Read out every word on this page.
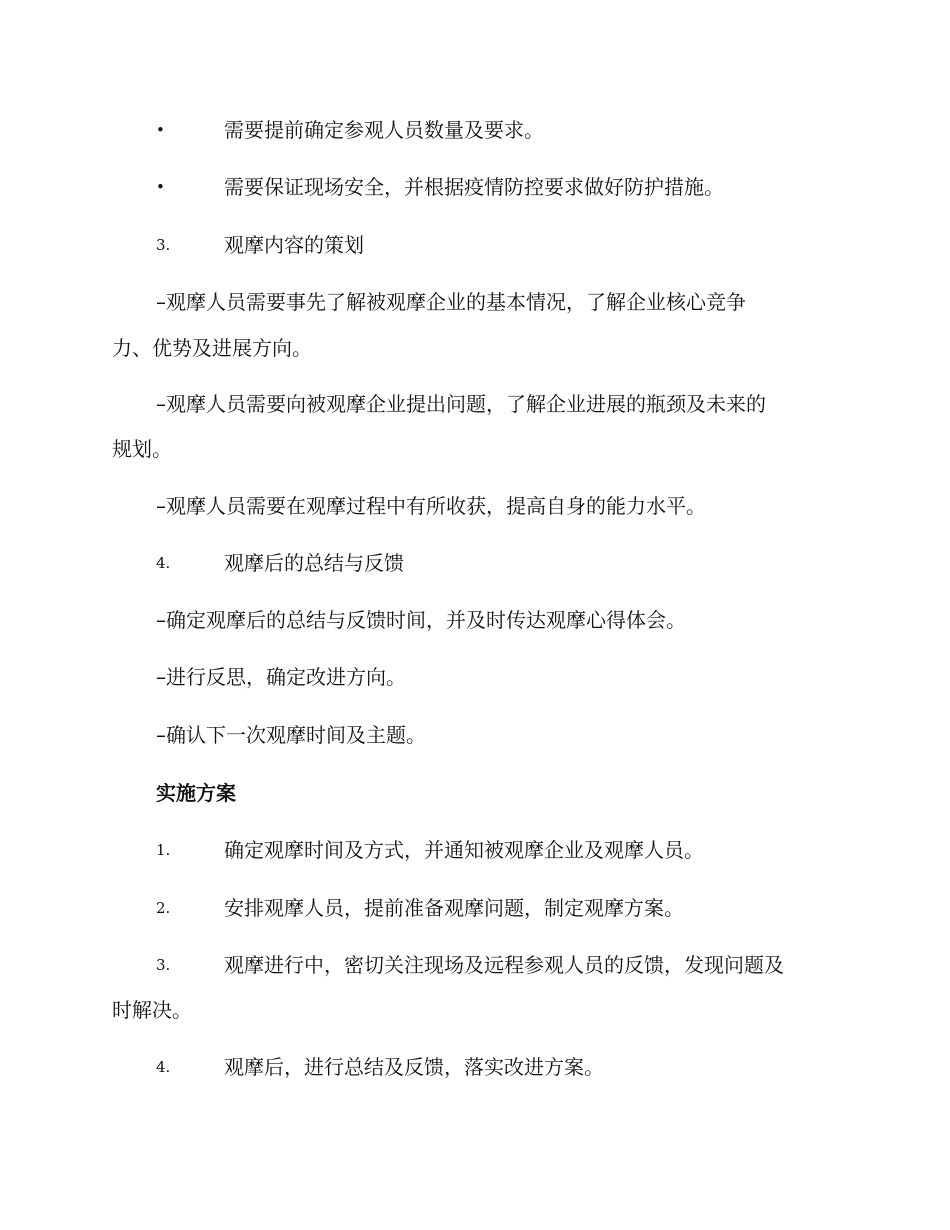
•	需要提前确定参观人员数量及要求。
•	需要保证现场安全，并根据疫情防控要求做好防护措施。
3.	观摩内容的策划
–观摩人员需要事先了解被观摩企业的基本情况，了解企业核心竞争
力、优势及进展方向。
–观摩人员需要向被观摩企业提出问题，了解企业进展的瓶颈及未来的
规划。
–观摩人员需要在观摩过程中有所收获，提高自身的能力水平。
4.	观摩后的总结与反馈
–确定观摩后的总结与反馈时间，并及时传达观摩心得体会。
–进行反思，确定改进方向。
–确认下一次观摩时间及主题。
实施方案
1.	确定观摩时间及方式，并通知被观摩企业及观摩人员。
2.	安排观摩人员，提前准备观摩问题，制定观摩方案。
3.	观摩进行中，密切关注现场及远程参观人员的反馈，发现问题及
时解决。
4.	观摩后，进行总结及反馈，落实改进方案。
